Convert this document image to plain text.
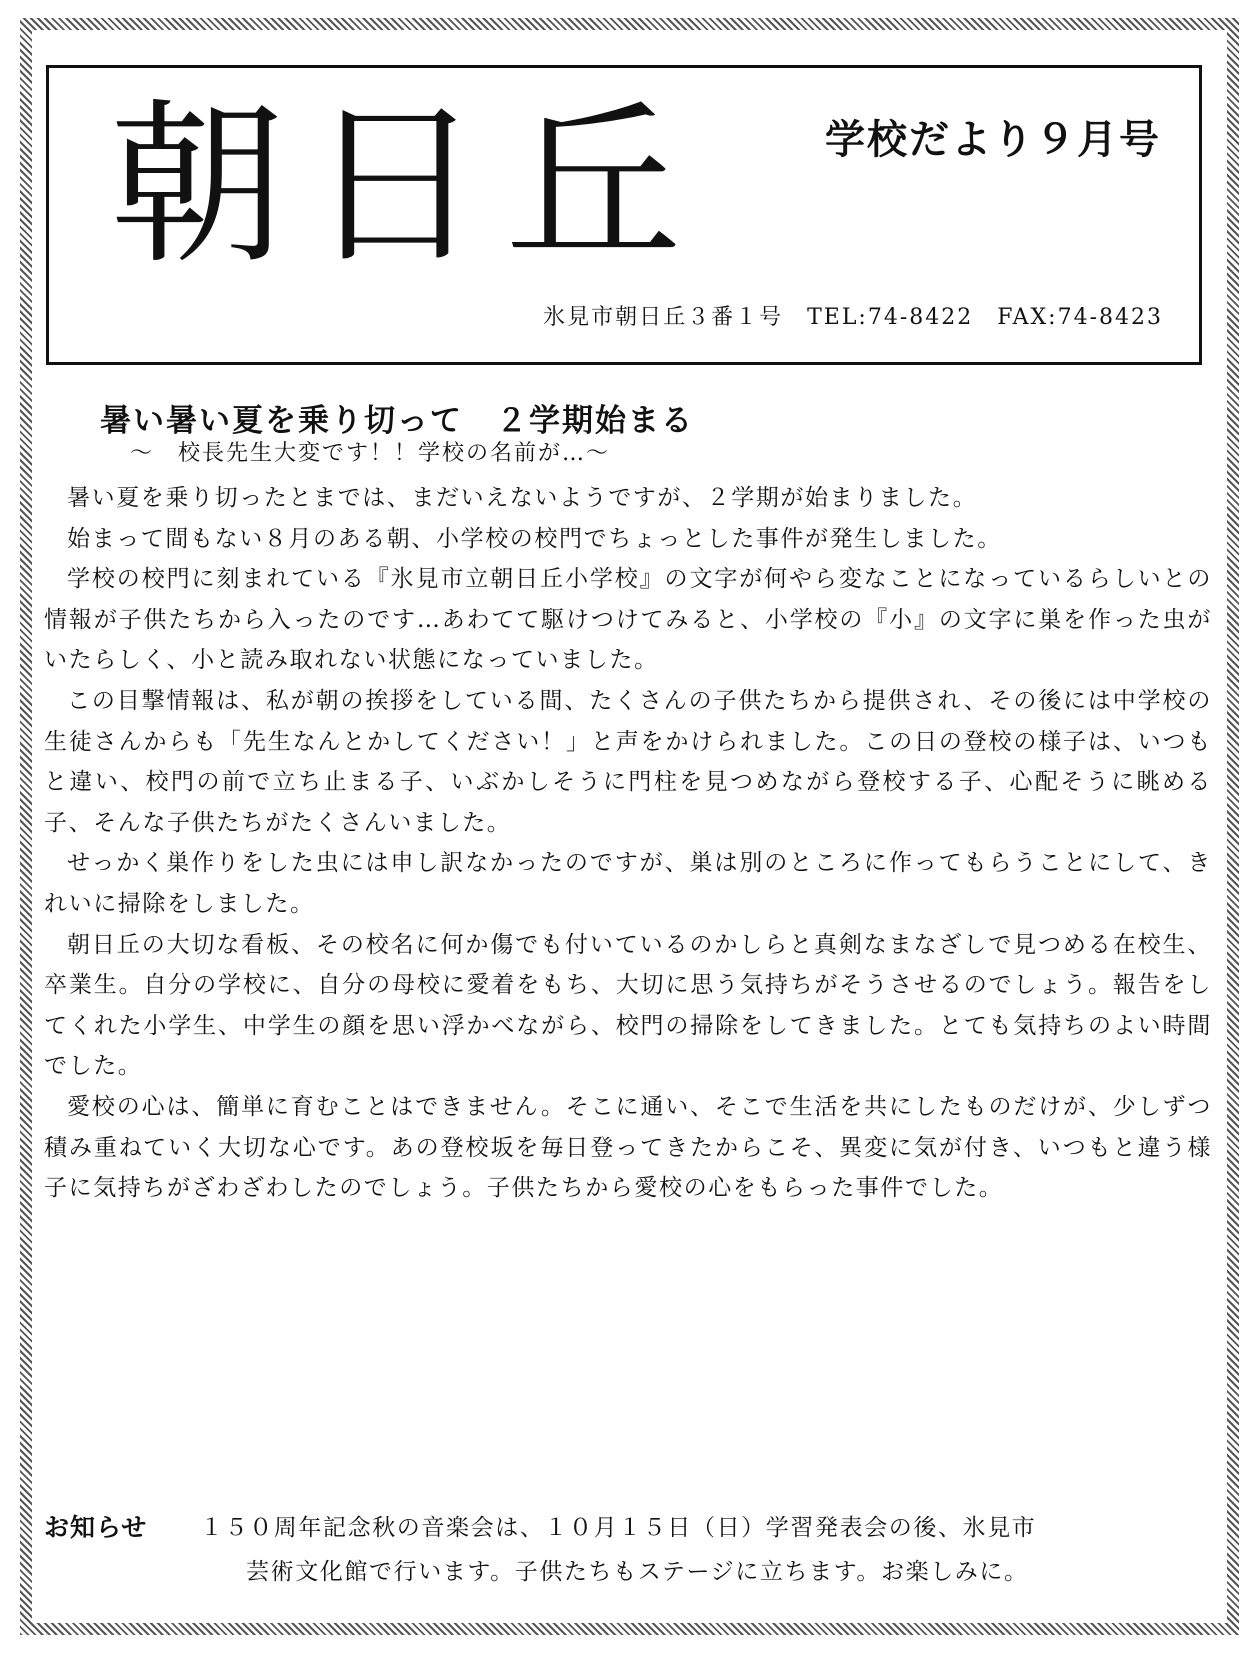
朝日丘	学校だより９月号
氷見市朝日丘３番１号　TEL:74-8422　FAX:74-8423
暑い暑い夏を乗り切って　２学期始まる
～　校長先生大変です！！学校の名前が…～

暑い夏を乗り切ったとまでは、まだいえないようですが、２学期が始まりました。

始まって間もない８月のある朝、小学校の校門でちょっとした事件が発生しました。

学校の校門に刻まれている『氷見市立朝日丘小学校』の文字が何やら変なことになっているらしいとの情報が子供たちから入ったのです…あわてて駆けつけてみると、小学校の『小』の文字に巣を作った虫がいたらしく、小と読み取れない状態になっていました。

この目撃情報は、私が朝の挨拶をしている間、たくさんの子供たちから提供され、その後には中学校の生徒さんからも「先生なんとかしてください！」と声をかけられました。この日の登校の様子は、いつもと違い、校門の前で立ち止まる子、いぶかしそうに門柱を見つめながら登校する子、心配そうに眺める子、そんな子供たちがたくさんいました。

せっかく巣作りをした虫には申し訳なかったのですが、巣は別のところに作ってもらうことにして、きれいに掃除をしました。

朝日丘の大切な看板、その校名に何か傷でも付いているのかしらと真剣なまなざしで見つめる在校生、卒業生。自分の学校に、自分の母校に愛着をもち、大切に思う気持ちがそうさせるのでしょう。報告をしてくれた小学生、中学生の顔を思い浮かべながら、校門の掃除をしてきました。とても気持ちのよい時間でした。

愛校の心は、簡単に育むことはできません。そこに通い、そこで生活を共にしたものだけが、少しずつ積み重ねていく大切な心です。あの登校坂を毎日登ってきたからこそ、異変に気が付き、いつもと違う様子に気持ちがざわざわしたのでしょう。子供たちから愛校の心をもらった事件でした。

お知らせ １５０周年記念秋の音楽会は、１０月１５日（日）学習発表会の後、氷見市
芸術文化館で行います。子供たちもステージに立ちます。お楽しみに。
